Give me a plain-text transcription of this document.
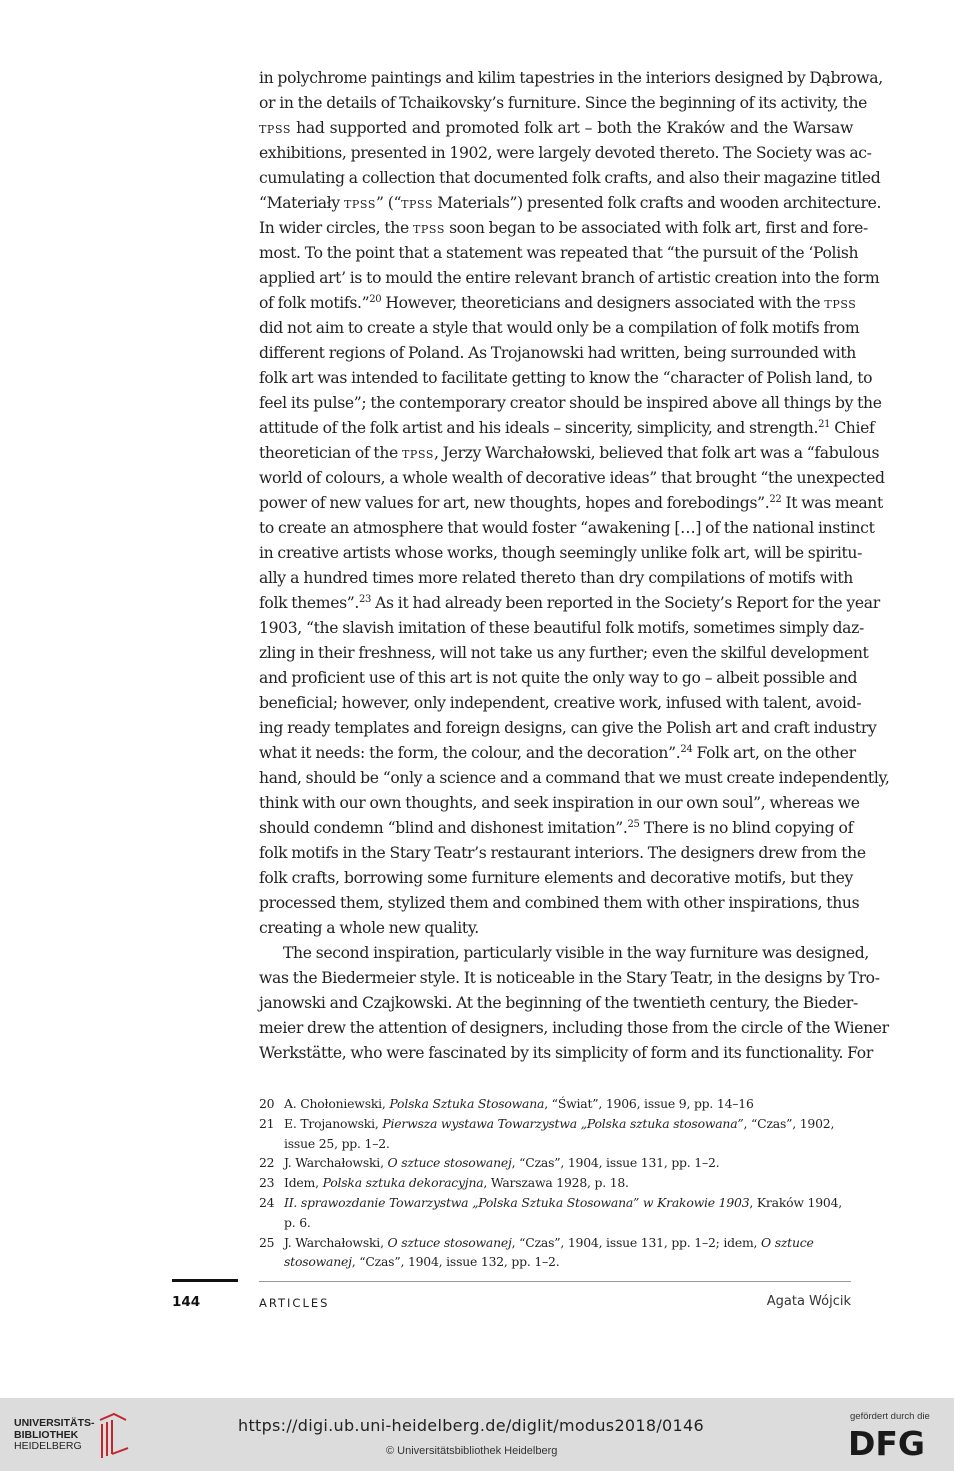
in polychrome paintings and kilim tapestries in the interiors designed by Dąbrowa,
or in the details of Tchaikovsky’s furniture. Since the beginning of its activity, the
TPSS had supported and promoted folk art – both the Kraków and the Warsaw
exhibitions, presented in 1902, were largely devoted thereto. The Society was ac-
cumulating a collection that documented folk crafts, and also their magazine titled
“Materiały TPSS” (“TPSS Materials”) presented folk crafts and wooden architecture.
In wider circles, the TPSS soon began to be associated with folk art, first and fore-
most. To the point that a statement was repeated that “the pursuit of the ‘Polish
applied art’ is to mould the entire relevant branch of artistic creation into the form
of folk motifs.”$^{20}$ However, theoreticians and designers associated with the TPSS
did not aim to create a style that would only be a compilation of folk motifs from
different regions of Poland. As Trojanowski had written, being surrounded with
folk art was intended to facilitate getting to know the “character of Polish land, to
feel its pulse”; the contemporary creator should be inspired above all things by the
attitude of the folk artist and his ideals – sincerity, simplicity, and strength.$^{21}$ Chief
theoretician of the TPSS, Jerzy Warchałowski, believed that folk art was a “fabulous
world of colours, a whole wealth of decorative ideas” that brought “the unexpected
power of new values for art, new thoughts, hopes and forebodings”.$^{22}$ It was meant
to create an atmosphere that would foster “awakening […] of the national instinct
in creative artists whose works, though seemingly unlike folk art, will be spiritu-
ally a hundred times more related thereto than dry compilations of motifs with
folk themes”.$^{23}$ As it had already been reported in the Society’s Report for the year
1903, “the slavish imitation of these beautiful folk motifs, sometimes simply daz-
zling in their freshness, will not take us any further; even the skilful development
and proficient use of this art is not quite the only way to go – albeit possible and
beneficial; however, only independent, creative work, infused with talent, avoid-
ing ready templates and foreign designs, can give the Polish art and craft industry
what it needs: the form, the colour, and the decoration”.$^{24}$ Folk art, on the other
hand, should be “only a science and a command that we must create independently,
think with our own thoughts, and seek inspiration in our own soul”, whereas we
should condemn “blind and dishonest imitation”.$^{25}$ There is no blind copying of
folk motifs in the Stary Teatr’s restaurant interiors. The designers drew from the
folk crafts, borrowing some furniture elements and decorative motifs, but they
processed them, stylized them and combined them with other inspirations, thus
creating a whole new quality.
The second inspiration, particularly visible in the way furniture was designed,
was the Biedermeier style. It is noticeable in the Stary Teatr, in the designs by Tro-
janowski and Czajkowski. At the beginning of the twentieth century, the Bieder-
meier drew the attention of designers, including those from the circle of the Wiener
Werkstätte, who were fascinated by its simplicity of form and its functionality. For
20 A. Chołoniewski, Polska Sztuka Stosowana, “Świat”, 1906, issue 9, pp. 14–16
21 E. Trojanowski, Pierwsza wystawa Towarzystwa „Polska sztuka stosowana”, “Czas”, 1902, issue 25, pp. 1–2.
22 J. Warchałowski, O sztuce stosowanej, “Czas”, 1904, issue 131, pp. 1–2.
23 Idem, Polska sztuka dekoracyjna, Warszawa 1928, p. 18.
24 II. sprawozdanie Towarzystwa „Polska Sztuka Stosowana” w Krakowie 1903, Kraków 1904, p. 6.
25 J. Warchałowski, O sztuce stosowanej, “Czas”, 1904, issue 131, pp. 1–2; idem, O sztuce stosowanej, “Czas”, 1904, issue 132, pp. 1–2.
144	ARTICLES	Agata Wójcik
UNIVERSITÄTS-
BIBLIOTHEK
HEIDELBERG
https://digi.ub.uni-heidelberg.de/diglit/modus2018/0146
© Universitätsbibliothek Heidelberg
gefördert durch die
DFG
